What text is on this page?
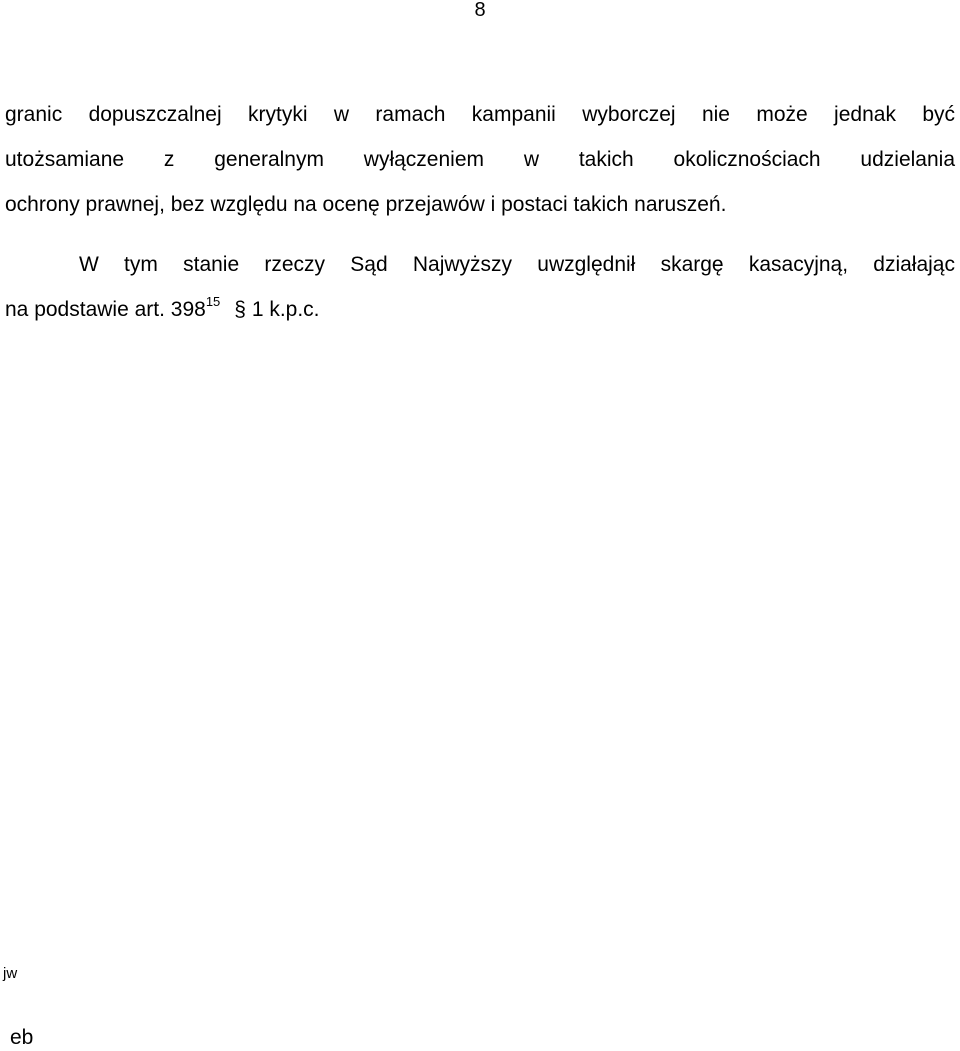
8
granic dopuszczalnej krytyki w ramach kampanii wyborczej nie może jednak być
utożsamiane z generalnym wyłączeniem w takich okolicznościach udzielania
ochrony prawnej, bez względu na ocenę przejawów i postaci takich naruszeń.
W tym stanie rzeczy Sąd Najwyższy uwzględnił skargę kasacyjną, działając
na podstawie art. $398^{15}$ § 1 k.p.c.
jw
eb
